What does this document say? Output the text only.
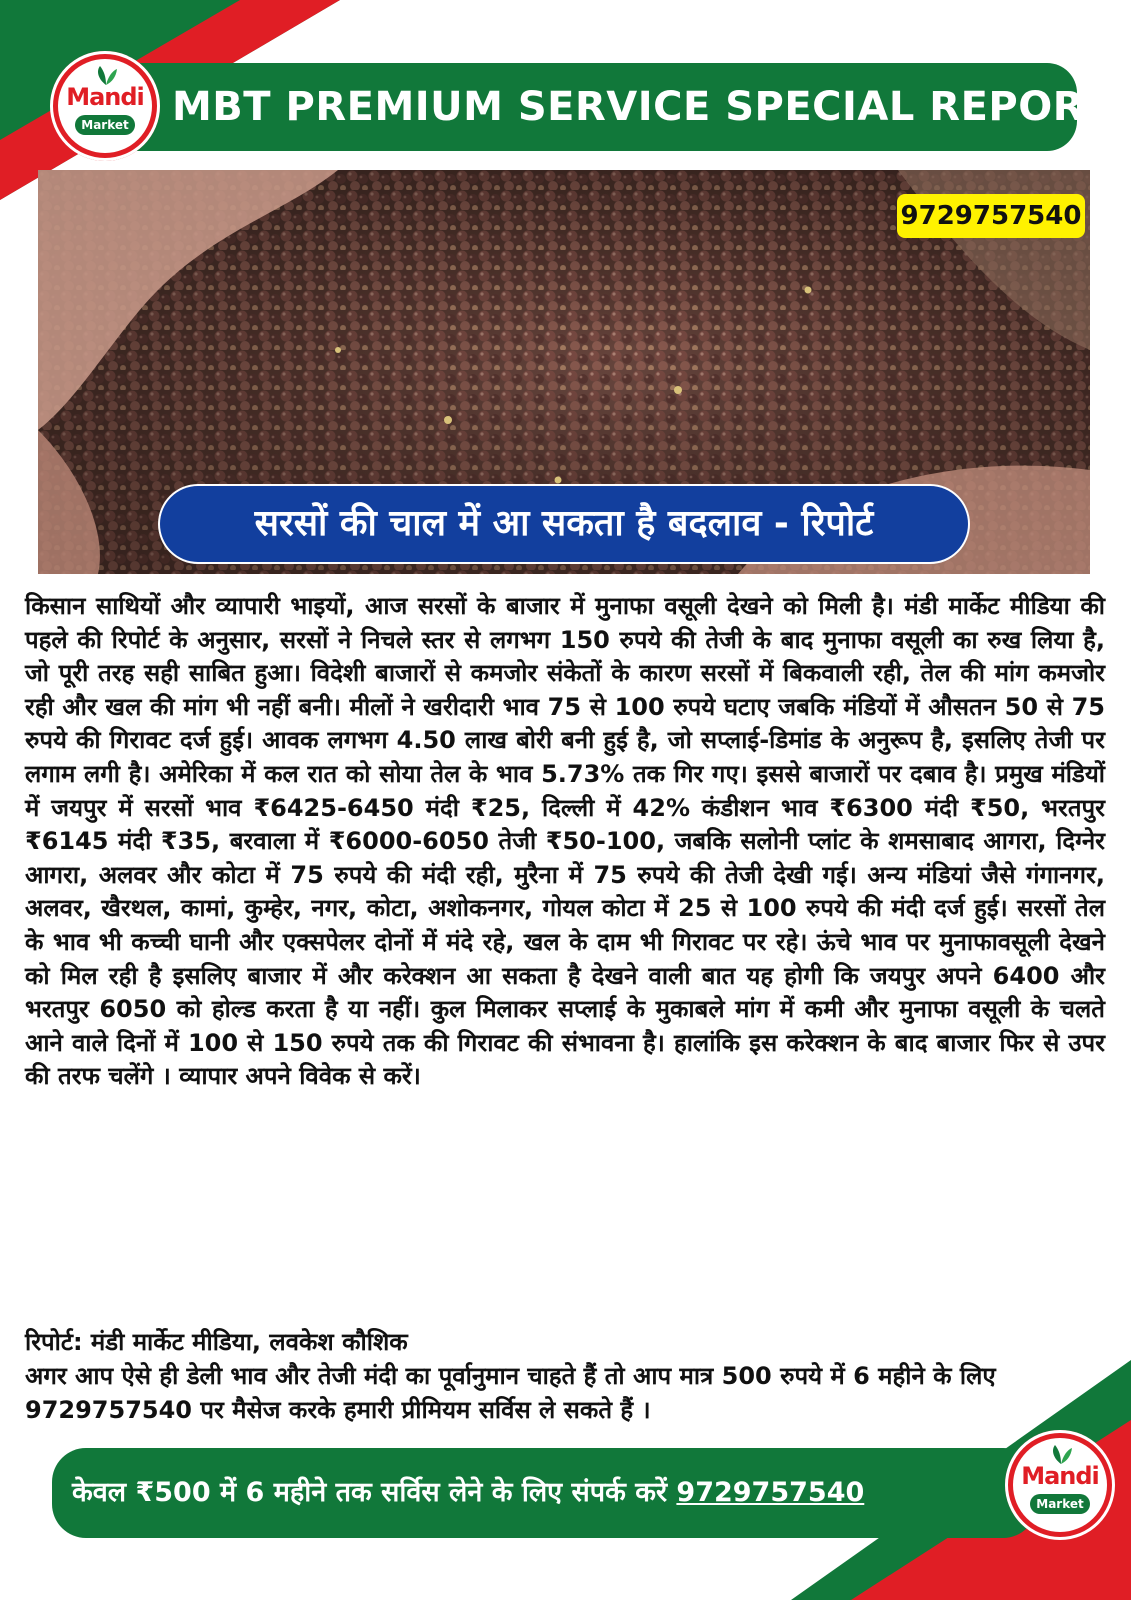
MBT PREMIUM SERVICE SPECIAL REPORT
Mandi
Market
9729757540
सरसों की चाल में आ सकता है बदलाव - रिपोर्ट

किसान साथियों और व्यापारी भाइयों, आज सरसों के बाजार में मुनाफा वसूली देखने को मिली है। मंडी मार्केट मीडिया की पहले की रिपोर्ट के अनुसार, सरसों ने निचले स्तर से लगभग 150 रुपये की तेजी के बाद मुनाफा वसूली का रुख लिया है, जो पूरी तरह सही साबित हुआ। विदेशी बाजारों से कमजोर संकेतों के कारण सरसों में बिकवाली रही, तेल की मांग कमजोर रही और खल की मांग भी नहीं बनी। मीलों ने खरीदारी भाव 75 से 100 रुपये घटाए जबकि मंडियों में औसतन 50 से 75 रुपये की गिरावट दर्ज हुई। आवक लगभग 4.50 लाख बोरी बनी हुई है, जो सप्लाई-डिमांड के अनुरूप है, इसलिए तेजी पर लगाम लगी है। अमेरिका में कल रात को सोया तेल के भाव 5.73% तक गिर गए। इससे बाजारों पर दबाव है। प्रमुख मंडियों में जयपुर में सरसों भाव ₹6425-6450 मंदी ₹25, दिल्ली में 42% कंडीशन भाव ₹6300 मंदी ₹50, भरतपुर ₹6145 मंदी ₹35, बरवाला में ₹6000-6050 तेजी ₹50-100, जबकि सलोनी प्लांट के शमसाबाद आगरा, दिग्नेर आगरा, अलवर और कोटा में 75 रुपये की मंदी रही, मुरैना में 75 रुपये की तेजी देखी गई। अन्य मंडियां जैसे गंगानगर, अलवर, खैरथल, कामां, कुम्हेर, नगर, कोटा, अशोकनगर, गोयल कोटा में 25 से 100 रुपये की मंदी दर्ज हुई। सरसों तेल के भाव भी कच्ची घानी और एक्सपेलर दोनों में मंदे रहे, खल के दाम भी गिरावट पर रहे। ऊंचे भाव पर मुनाफावसूली देखने को मिल रही है इसलिए बाजार में और करेक्शन आ सकता है देखने वाली बात यह होगी कि जयपुर अपने 6400 और भरतपुर 6050 को होल्ड करता है या नहीं। कुल मिलाकर सप्लाई के मुकाबले मांग में कमी और मुनाफा वसूली के चलते आने वाले दिनों में 100 से 150 रुपये तक की गिरावट की संभावना है। हालांकि इस करेक्शन के बाद बाजार फिर से उपर की तरफ चलेंगे । व्यापार अपने विवेक से करें।

रिपोर्ट: मंडी मार्केट मीडिया, लवकेश कौशिक

अगर आप ऐसे ही डेली भाव और तेजी मंदी का पूर्वानुमान चाहते हैं तो आप मात्र 500 रुपये में 6 महीने के लिए 9729757540 पर मैसेज करके हमारी प्रीमियम सर्विस ले सकते हैं ।

केवल ₹500 में 6 महीने तक सर्विस लेने के लिए संपर्क करें 9729757540
Mandi
Market
